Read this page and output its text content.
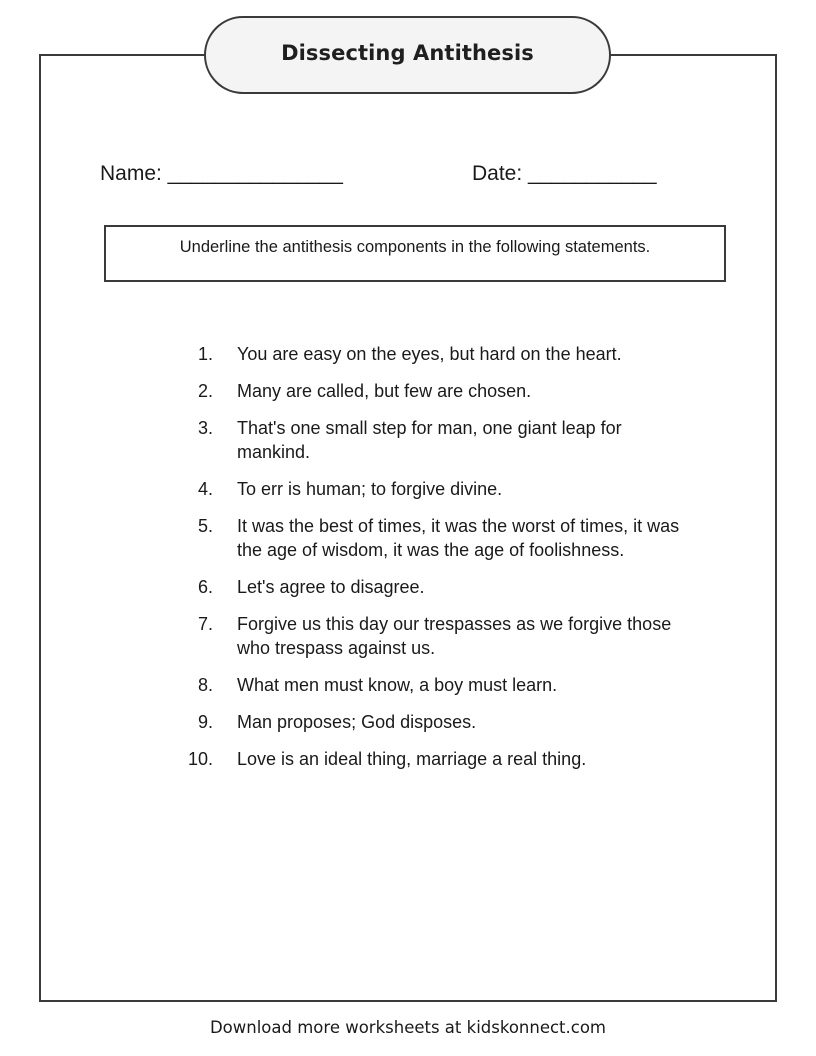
Dissecting Antithesis
Name: _______________	Date: ___________
Underline the antithesis components in the following statements.
1. You are easy on the eyes, but hard on the heart.
2. Many are called, but few are chosen.
3. That's one small step for man, one giant leap for mankind.
4. To err is human; to forgive divine.
5. It was the best of times, it was the worst of times, it was the age of wisdom, it was the age of foolishness.
6. Let's agree to disagree.
7. Forgive us this day our trespasses as we forgive those who trespass against us.
8. What men must know, a boy must learn.
9. Man proposes; God disposes.
10. Love is an ideal thing, marriage a real thing.
Download more worksheets at kidskonnect.com
